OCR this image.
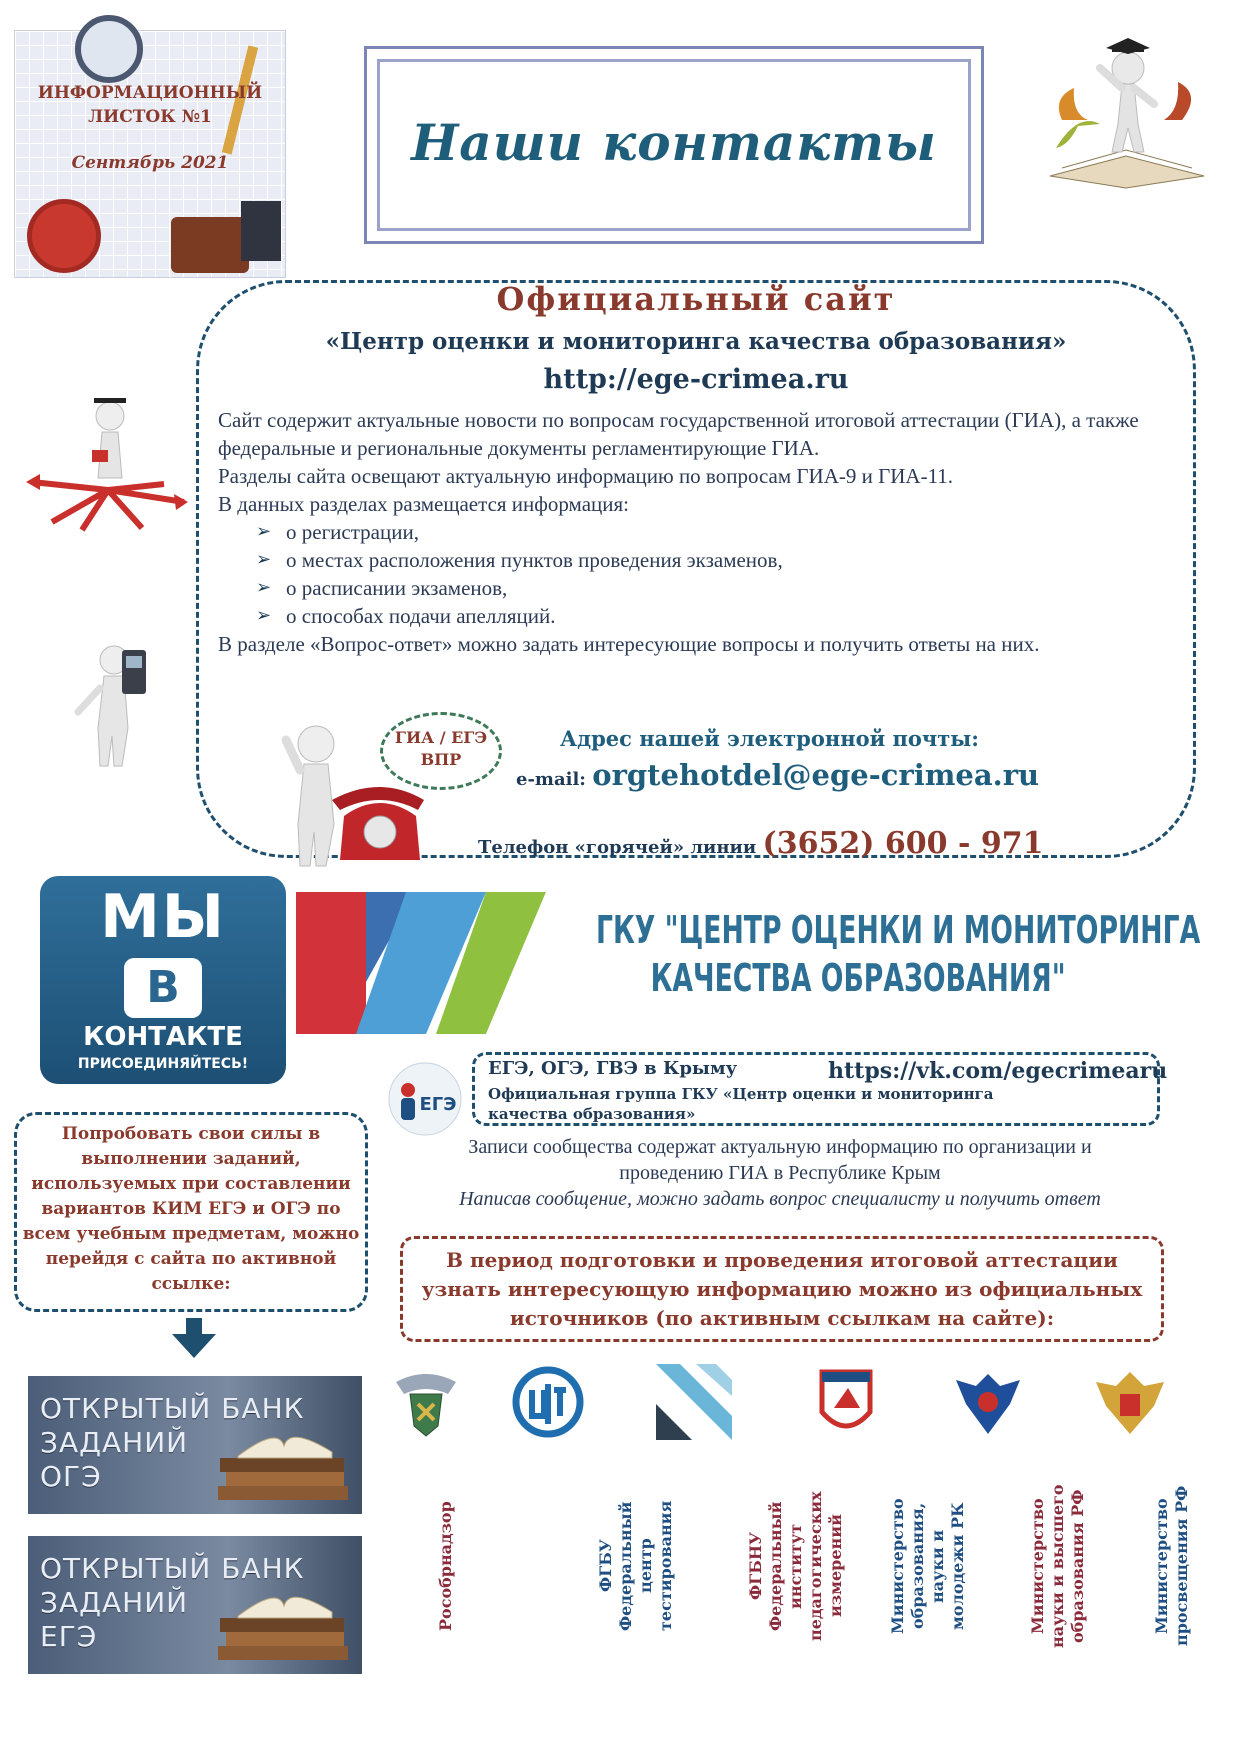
ИНФОРМАЦИОННЫЙ
ЛИСТОК №1
Сентябрь 2021	Наши контакты
Официальный сайт
«Центр оценки и мониторинга качества образования»
http://ege-crimea.ru

Сайт содержит актуальные новости по вопросам государственной итоговой аттестации (ГИА), а также федеральные и региональные документы регламентирующие ГИА.

Разделы сайта освещают актуальную информацию по вопросам ГИА-9 и ГИА-11.

В данных разделах размещается информация:

➢ о регистрации,
➢ о местах расположения пунктов проведения экзаменов,
➢ о расписании экзаменов,
➢ о способах подачи апелляций.

В разделе «Вопрос-ответ» можно задать интересующие вопросы и получить ответы на них.

ГИА / ЕГЭ
ВПР
Адрес нашей электронной почты:
e-mail: orgtehotdel@ege-crimea.ru
Телефон «горячей» линии (3652) 600 - 971
МЫ
B
КОНТАКТЕ
ПРИСОЕДИНЯЙТЕСЬ!
ГКУ "ЦЕНТР ОЦЕНКИ И МОНИТОРИНГА
КАЧЕСТВА ОБРАЗОВАНИЯ"
ЕГЭ
ЕГЭ, ОГЭ, ГВЭ в Крыму	https://vk.com/egecrimearu
Официальная группа ГКУ «Центр оценки и мониторинга качества образования»
Записи сообщества содержат актуальную информацию по организации и проведению ГИА в Республике Крым
Написав сообщение, можно задать вопрос специалисту и получить ответ
Попробовать свои силы в выполнении заданий, используемых при составлении вариантов КИМ ЕГЭ и ОГЭ по всем учебным предметам, можно перейдя с сайта по активной ссылке:
ОТКРЫТЫЙ БАНК
ЗАДАНИЙ
ОГЭ
ОТКРЫТЫЙ БАНК
ЗАДАНИЙ
ЕГЭ
В период подготовки и проведения итоговой аттестации узнать интересующую информацию можно из официальных источников (по активным ссылкам на сайте):
Рособрнадзор	ФГБУ
Федеральный
центр
тестирования	ФГБНУ
Федеральный
институт
педагогических
измерений	Министерство
образования,
науки и
молодежи РК	Министерство
науки и высшего
образования РФ	Министерство
просвещения РФ
